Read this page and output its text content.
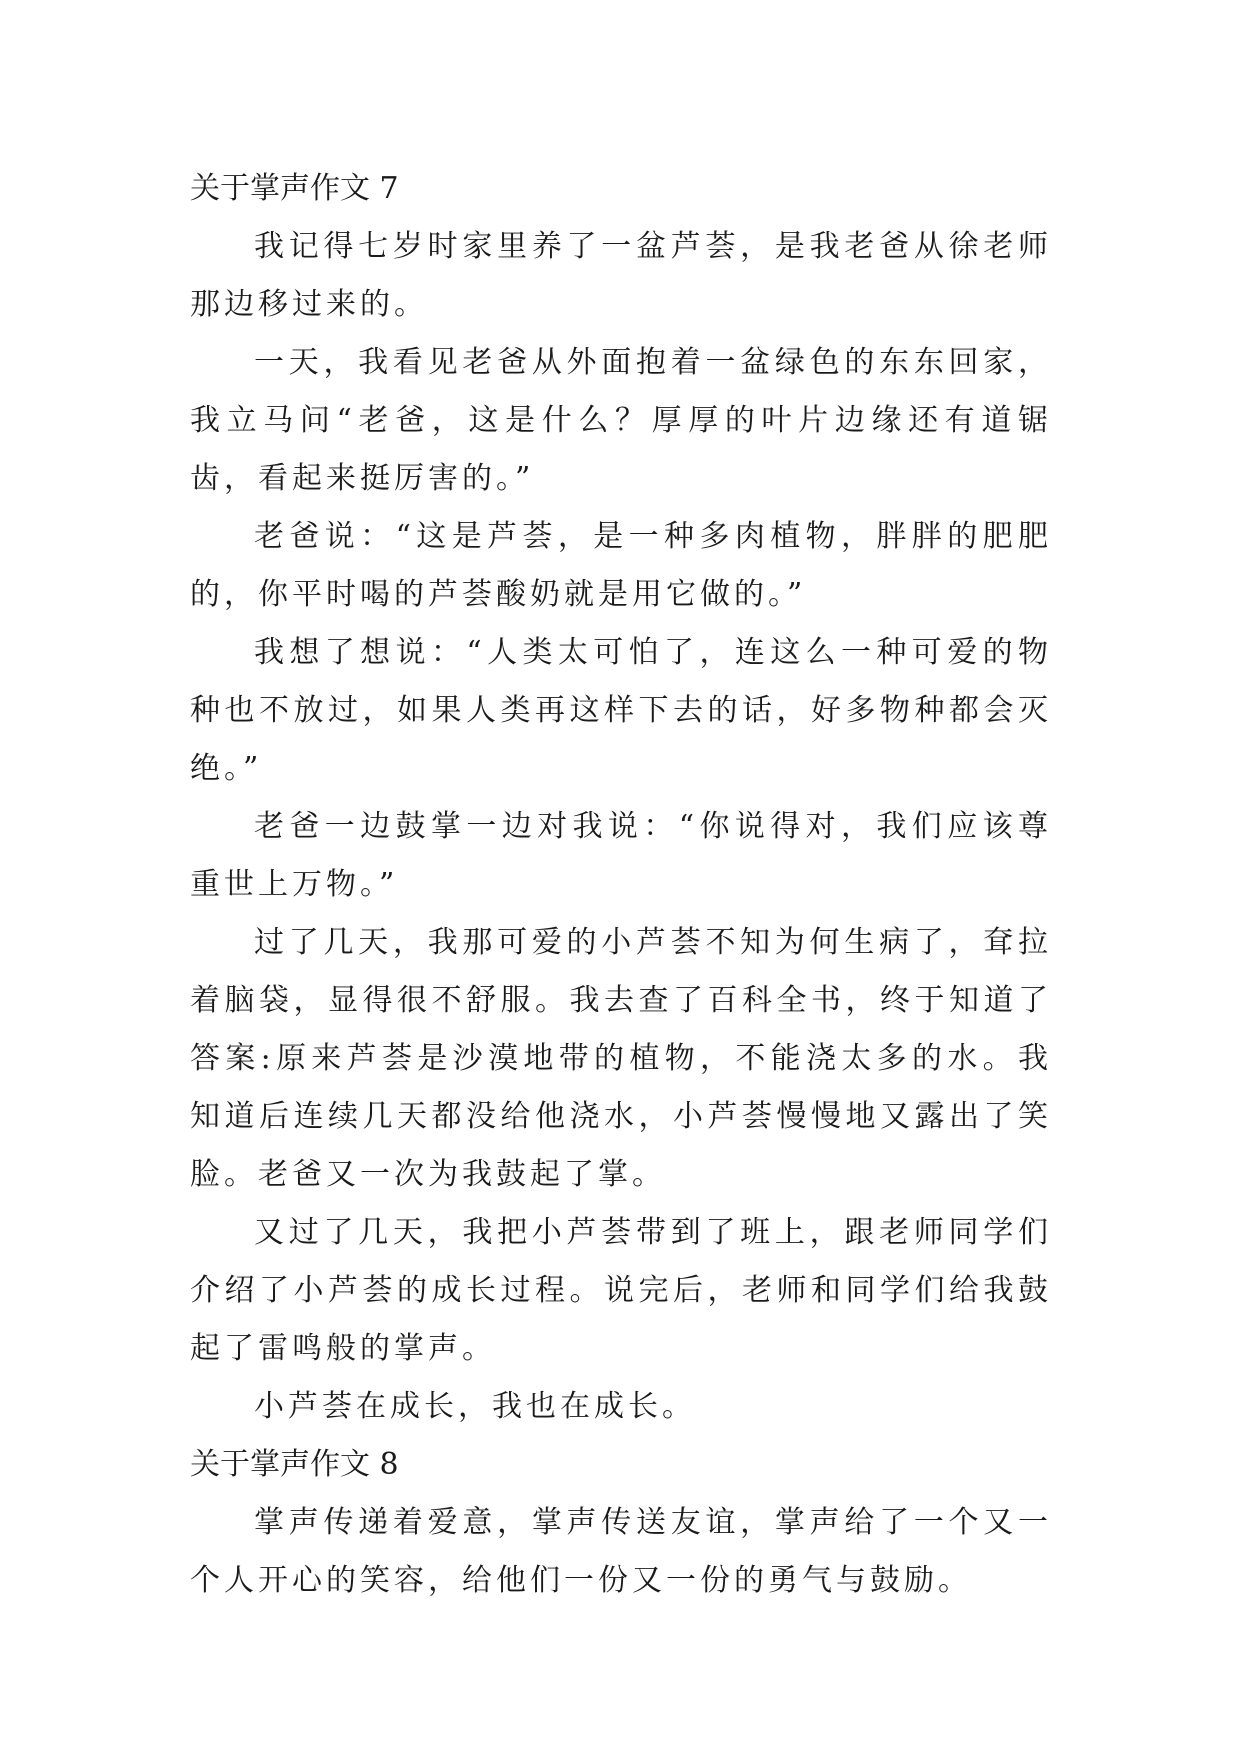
关于掌声作文 7

我记得七岁时家里养了一盆芦荟，是我老爸从徐老师那边移过来的。

一天，我看见老爸从外面抱着一盆绿色的东东回家，我立马问“老爸，这是什么？厚厚的叶片边缘还有道锯齿，看起来挺厉害的。”

老爸说：“这是芦荟，是一种多肉植物，胖胖的肥肥的，你平时喝的芦荟酸奶就是用它做的。”

我想了想说：“人类太可怕了，连这么一种可爱的物种也不放过，如果人类再这样下去的话，好多物种都会灭绝。”

老爸一边鼓掌一边对我说：“你说得对，我们应该尊重世上万物。”

过了几天，我那可爱的小芦荟不知为何生病了，耷拉着脑袋，显得很不舒服。我去查了百科全书，终于知道了答案:原来芦荟是沙漠地带的植物，不能浇太多的水。我知道后连续几天都没给他浇水，小芦荟慢慢地又露出了笑脸。老爸又一次为我鼓起了掌。

又过了几天，我把小芦荟带到了班上，跟老师同学们介绍了小芦荟的成长过程。说完后，老师和同学们给我鼓起了雷鸣般的掌声。

小芦荟在成长，我也在成长。

关于掌声作文 8

掌声传递着爱意，掌声传送友谊，掌声给了一个又一个人开心的笑容，给他们一份又一份的勇气与鼓励。
